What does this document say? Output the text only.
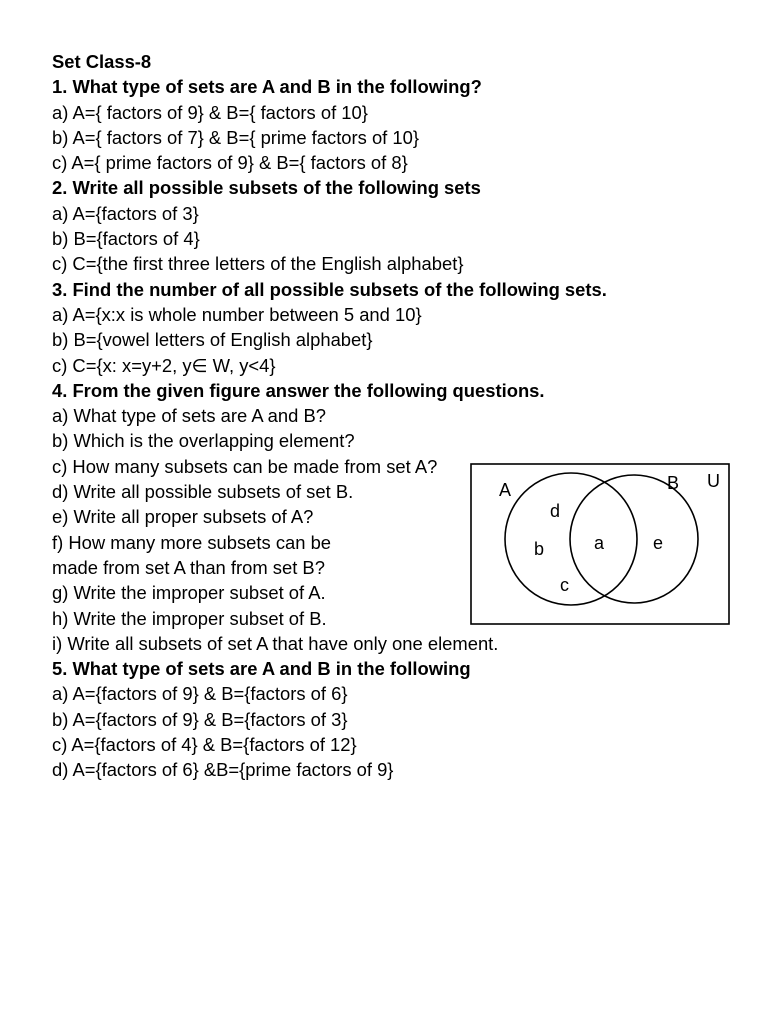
Set Class-8
1. What type of sets are A and B in the following?
a) A={ factors of 9} & B={ factors of 10}
b) A={ factors of 7} & B={ prime factors of 10}
c) A={ prime factors of 9} & B={ factors of 8}
2. Write all possible subsets of the following sets
a) A={factors of 3}
b) B={factors of 4}
c) C={the first three letters of the English alphabet}
3. Find the number of all possible subsets of the following sets.
a) A={x:x is whole number between 5 and 10}
b) B={vowel letters of English alphabet}
c) C={x: x=y+2, y∈ W, y<4}
4. From the given figure answer the following questions.
a) What type of sets are A and B?
b) Which is the overlapping element?
c) How many subsets can be made from set A?
d) Write all possible subsets of set B.
e) Write all proper subsets of A?
f) How many more subsets can be
made from set A than from set B?
g) Write the improper subset of A.
h) Write the improper subset of B.
i) Write all subsets of set A that have only one element.
5. What type of sets are A and B in the following
a) A={factors of 9} & B={factors of 6}
b) A={factors of 9} & B={factors of 3}
c) A={factors of 4} & B={factors of 12}
d) A={factors of 6} &B={prime factors of 9}
A	B U
d
b
c
a	e
